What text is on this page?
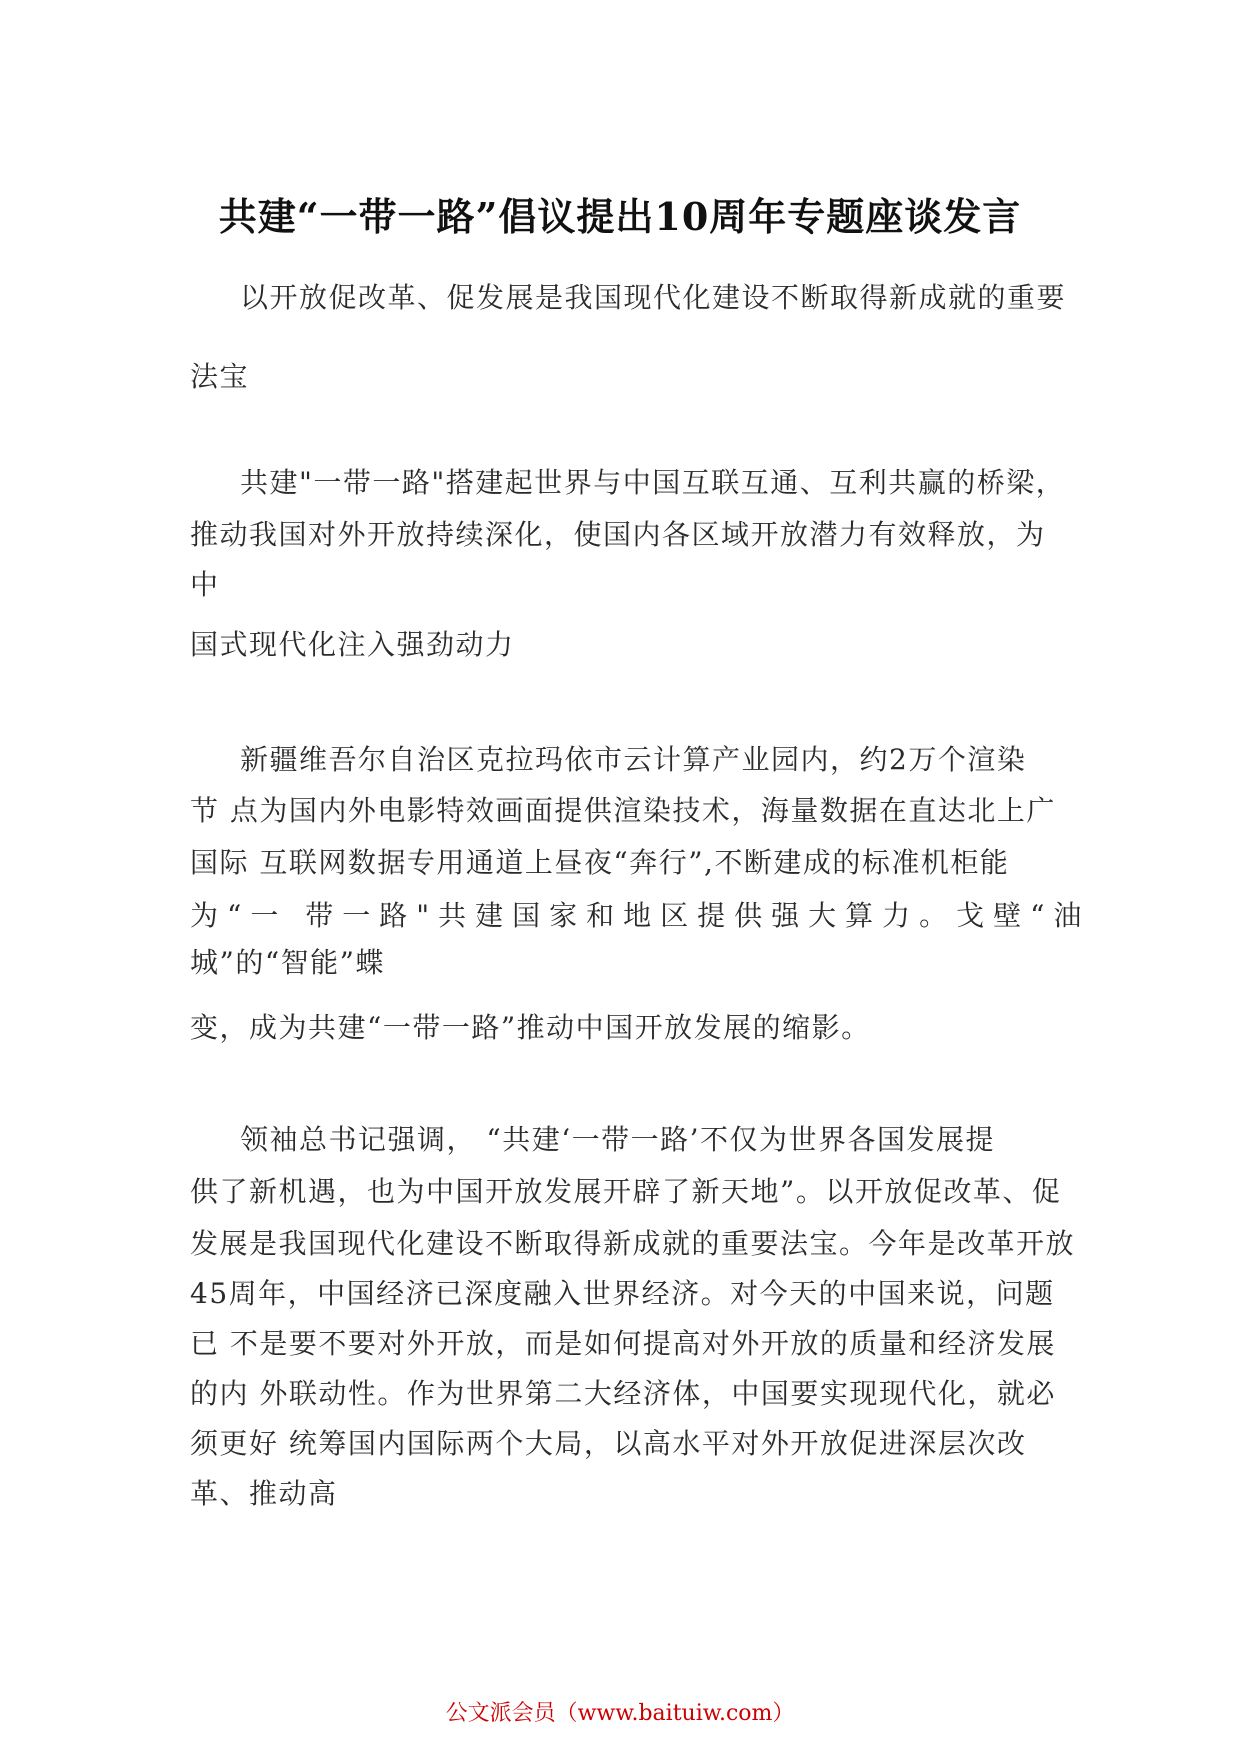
共建“一带一路”倡议提出10周年专题座谈发言
以开放促改革、促发展是我国现代化建设不断取得新成就的重要
法宝
共建"一带一路"搭建起世界与中国互联互通、互利共赢的桥梁，
推动我国对外开放持续深化，使国内各区域开放潜力有效释放，为
中
国式现代化注入强劲动力
新疆维吾尔自治区克拉玛依市云计算产业园内，约2万个渲染
节 点为国内外电影特效画面提供渲染技术，海量数据在直达北上广
国际 互联网数据专用通道上昼夜“奔行”,不断建成的标准机柜能
为“一 带一路"共建国家和地区提供强大算力。戈壁“油
城”的“智能”蝶
变，成为共建“一带一路”推动中国开放发展的缩影。
领袖总书记强调， “共建‘一带一路’不仅为世界各国发展提
供了新机遇，也为中国开放发展开辟了新天地”。以开放促改革、促
发展是我国现代化建设不断取得新成就的重要法宝。今年是改革开放
45周年，中国经济已深度融入世界经济。对今天的中国来说，问题
已 不是要不要对外开放，而是如何提高对外开放的质量和经济发展
的内 外联动性。作为世界第二大经济体，中国要实现现代化，就必
须更好 统筹国内国际两个大局，以高水平对外开放促进深层次改
革、推动高
公文派会员（www.baituiw.com）
